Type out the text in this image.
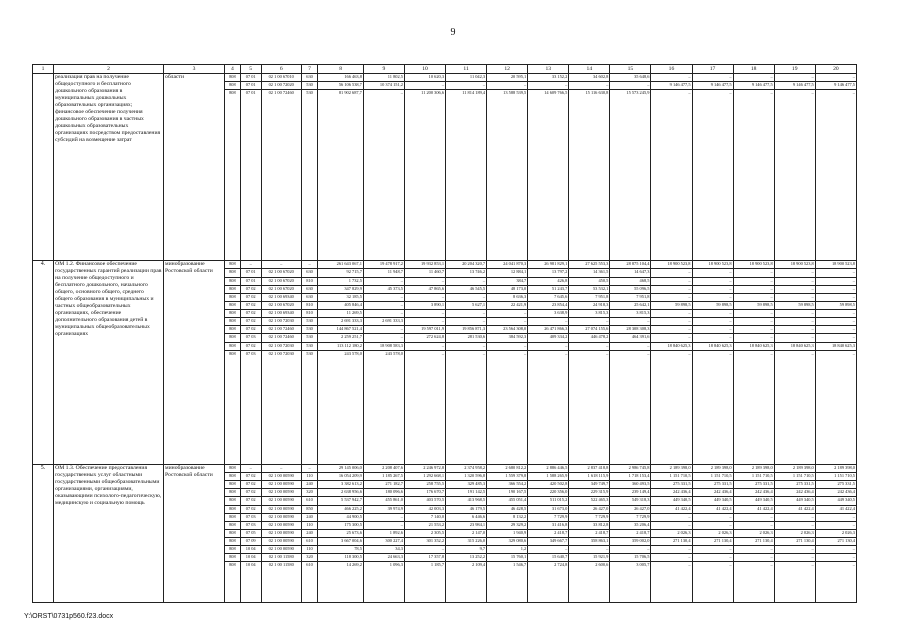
9
1	2	3	4	5	6	7	8	9	10	11	12	13	14	15	16	17	18	19	20
	реализация прав на получение общедоступного и бесплатного дошкольного образования в муниципальных дошкольных образовательных организациях; финансовое обеспечение получения дошкольного образования в частных дошкольных образовательных организациях посредством предоставления субсидий на возмещение затрат	области	808	07 01	02 1 00 67010	630	166 463,8	11 802,5	10 620,3	11 042,3	20 595,1	33 152,2	34 602,8	35 648,6	–	–	–	–	–
			808	07 01	02 1 00 72020	530	56 106 538,7	10 374 151,2	–	–	–	–	–	–	9 146 477,5	9 146 477,5	9 146 477,5	9 146 477,5	9 146 477,5
			808	07 01	02 1 00 72460	530	81 902 687,7	–	11 200 306,6	11 814 189,4	13 588 539,5	14 609 766,5	15 116 630,8	15 573 245,9	–	–	–	–	–
4.	ОМ 1.2. Финансовое обеспечение государственных гарантий реализации прав на получение общедоступного и бесплатного дошкольного, начального общего, основного общего, среднего общего образования в муниципальных и частных общеобразовательных организациях, обеспечение дополнительного образования детей в муниципальных общеобразовательных организациях	минобразование Ростовской области	808	–	–	–	261 643 067,1	19 478 917,2	19 932 853,1	20 204 320,7	24 041 870,3	26 981 829,1	27 625 553,3	28 875 104,4	18 900 523,8	18 900 523,8	18 900 523,8	18 900 523,8	18 900 523,8
			808	07 01	02 1 00 67020	630	92 715,7	11 948,7	11 460,7	13 746,2	12 884,1	13 797,2	14 361,5	14 647,3	–	–	–	–	–
			808	07 01	02 1 00 67020	810	1 732,5	–	–	–	384,7	426,8	450,5	468,5	–	–	–	–	–
			808	07 02	02 1 00 67020	630	347 829,9	45 373,5	47 865,6	46 545,5	48 173,0	51 243,7	53 532,1	55 096,5	–	–	–	–	–
			808	07 02	02 1 00 69340	630	32 185,5	–	–	–	8 636,3	7 645,6	7 951,8	7 951,8	–	–	–	–	–
			808	07 02	02 1 00 67020	810	405 846,4	–	3 890,1	5 627,1	22 421,9	23 854,4	24 918,3	25 642,1	59 898,5	59 898,5	59 898,5	59 898,5	59 898,5
			808	07 02	02 1 00 69340	810	11 269,5	–	–	–	–	3 638,9	3 815,3	3 815,3	–	–	–	–	–
			808	07 02	02 1 00 72030	530	2 691 333,3	2 691 333,3	–	–	–	–	–	–	–	–	–	–	–
			808	07 02	02 1 00 72460	530	144 867 521,4	–	19 597 011,9	19 856 871,3	23 564 308,0	26 471 866,3	27 074 155,6	28 308 308,3	–	–	–	–	–
			808	07 03	02 1 00 72460	530	2 259 251,7	–	272 624,8	281 530,6	384 592,3	409 334,2	446 478,2	464 391,6	–	–	–	–	–
			808	07 02	02 1 00 72030	530	113 112 180,2	18 908 583,3	–	–	–	–	–	–	18 840 625,3	18 840 625,3	18 840 625,3	18 840 625,3	18 840 625,3
			808	07 03	02 1 00 72030	530	243 578,0	243 578,0	–	–	–	–	–	–	–	–	–	–	–
5.	ОМ 1.3. Обеспечение предоставления государственных услуг областными государственными общеобразовательными организациями, организациями, оказывающими психолого-педагогическую, медицинскую и социальную помощь	минобразование Ростовской области	808	–	–	–	29 145 006,0	2 208 407,6	2 246 972,8	2 374 958,2	2 680 812,2	2 886 446,5	2 837 418,8	2 986 745,8	2 189 398,0	2 189 398,0	2 189 398,0	2 189 398,0	2 189 398,0
			808	07 02	02 1 00 00590	110	16 054 209,9	1 185 267,5	1 292 668,1	1 320 596,8	1 559 379,8	1 588 265,9	1 618 115,9	1 718 153,4	1 151 710,5	1 151 710,5	1 151 710,5	1 151 710,5	1 151 710,5
			808	07 02	02 1 00 00590	240	3 382 613,2	271 182,7	258 755,5	329 485,3	366 554,2	420 502,8	349 749,7	360 493,5	275 331,5	275 331,5	275 331,5	275 331,5	275 331,5
			808	07 02	02 1 00 00590	320	2 638 956,6	180 096,6	176 670,7	191 142,5	190 167,5	220 356,0	229 315,9	239 149,4	242 436,4	242 436,4	242 436,4	242 436,4	242 436,4
			808	07 02	02 1 00 00590	610	5 537 942,7	455 861,0	403 570,5	413 968,5	455 051,4	511 015,2	522 465,3	549 318,3	449 340,5	449 340,5	449 340,5	449 340,5	449 340,5
			808	07 02	02 1 00 00590	850	466 225,2	39 974,9	42 003,3	46 179,5	46 428,5	31 673,0	26 427,0	26 427,0	41 422,4	41 422,4	41 422,4	41 422,4	41 422,4
			808	07 03	02 1 00 00590	240	44 900,5	–	7 140,0	6 446,6	8 132,2	7 729,9	7 729,9	7 729,9	–	–	–	–	–
			808	07 03	02 1 00 00590	110	175 300,5	–	21 553,2	23 984,1	29 329,2	31 416,8	33 812,8	35 206,4	–	–	–	–	–
			808	07 05	02 1 00 00590	240	25 673,6	1 892,6	2 305,5	2 147,0	1 940,9	2 418,7	2 418,7	2 418,7	2 026,3	2 026,3	2 026,3	2 026,3	2 026,3
			808	07 09	02 1 00 00590	610	3 667 004,6	300 227,4	301 352,2	315 226,0	329 080,6	349 667,7	358 863,1	359 002,0	271 130,4	271 130,4	271 130,4	271 130,4	271 130,4
			808	10 04	02 1 00 00590	110	78,5	34,3	–	9,7	1,2	–	–	–	–	–	–	–	–
			808	10 04	02 1 00 11580	320	118 300,5	24 663,3	17 357,8	13 252,2	15 760,1	15 640,7	15 921,9	15 706,5	–	–	–	–	–
			808	10 04	02 1 00 11580	610	14 269,2	1 096,3	1 185,7	2 109,4	1 546,7	2 724,8	2 600,6	3 005,7	–	–	–	–	–
Y:\ORST\0731p560.f23.docx
